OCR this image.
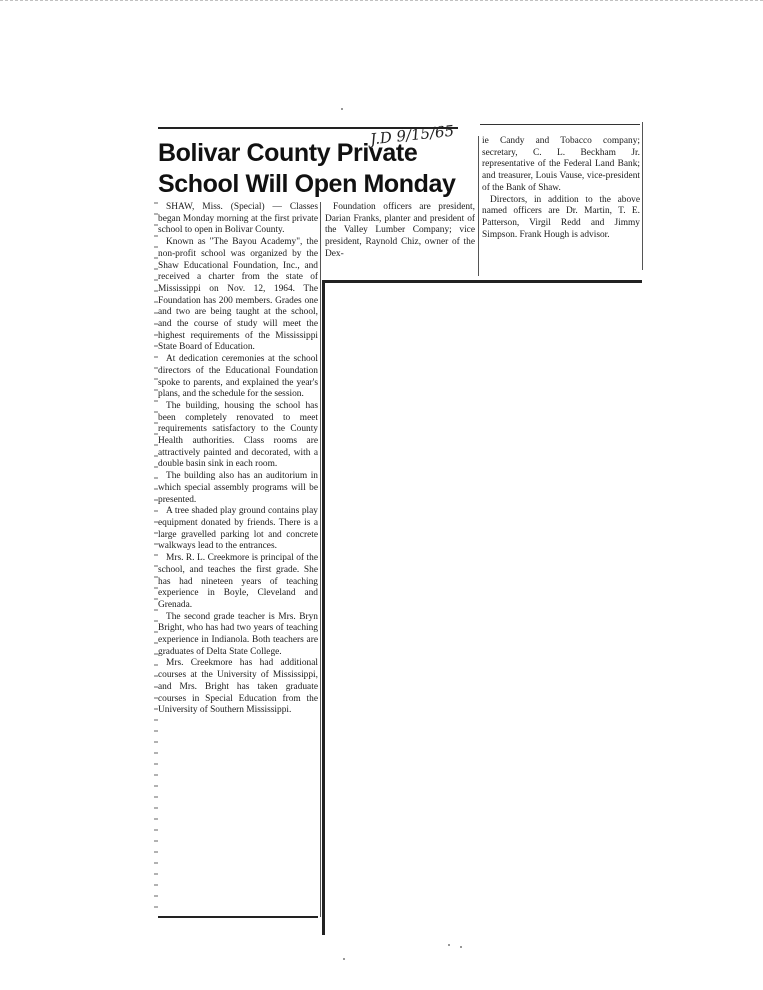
Bolivar County Private School Will Open Monday
J.D 9/15/65

SHAW, Miss. (Special) — Classes began Monday morning at the first private school to open in Bolivar County.

Known as "The Bayou Academy", the non-profit school was organized by the Shaw Educational Foundation, Inc., and received a charter from the state of Mississippi on Nov. 12, 1964. The Foundation has 200 members. Grades one and two are being taught at the school, and the course of study will meet the highest requirements of the Mississippi State Board of Education.

At dedication ceremonies at the school directors of the Educational Foundation spoke to parents, and explained the year's plans, and the schedule for the session.

The building, housing the school has been completely renovated to meet requirements satisfactory to the County Health authorities. Class rooms are attractively painted and decorated, with a double basin sink in each room.

The building also has an auditorium in which special assembly programs will be presented.

A tree shaded play ground contains play equipment donated by friends. There is a large gravelled parking lot and concrete walkways lead to the entrances.

Mrs. R. L. Creekmore is principal of the school, and teaches the first grade. She has had nineteen years of teaching experience in Boyle, Cleveland and Grenada.

The second grade teacher is Mrs. Bryn Bright, who has had two years of teaching experience in Indianola. Both teachers are graduates of Delta State College.

Mrs. Creekmore has had additional courses at the University of Mississippi, and Mrs. Bright has taken graduate courses in Special Education from the University of Southern Mississippi.

Foundation officers are president, Darian Franks, planter and president of the Valley Lumber Company; vice president, Raynold Chiz, owner of the Dex-

ie Candy and Tobacco company; secretary, C. L. Beckham Jr. representative of the Federal Land Bank; and treasurer, Louis Vause, vice-president of the Bank of Shaw.

Directors, in addition to the above named officers are Dr. Martin, T. E. Patterson, Virgil Redd and Jimmy Simpson. Frank Hough is advisor.
